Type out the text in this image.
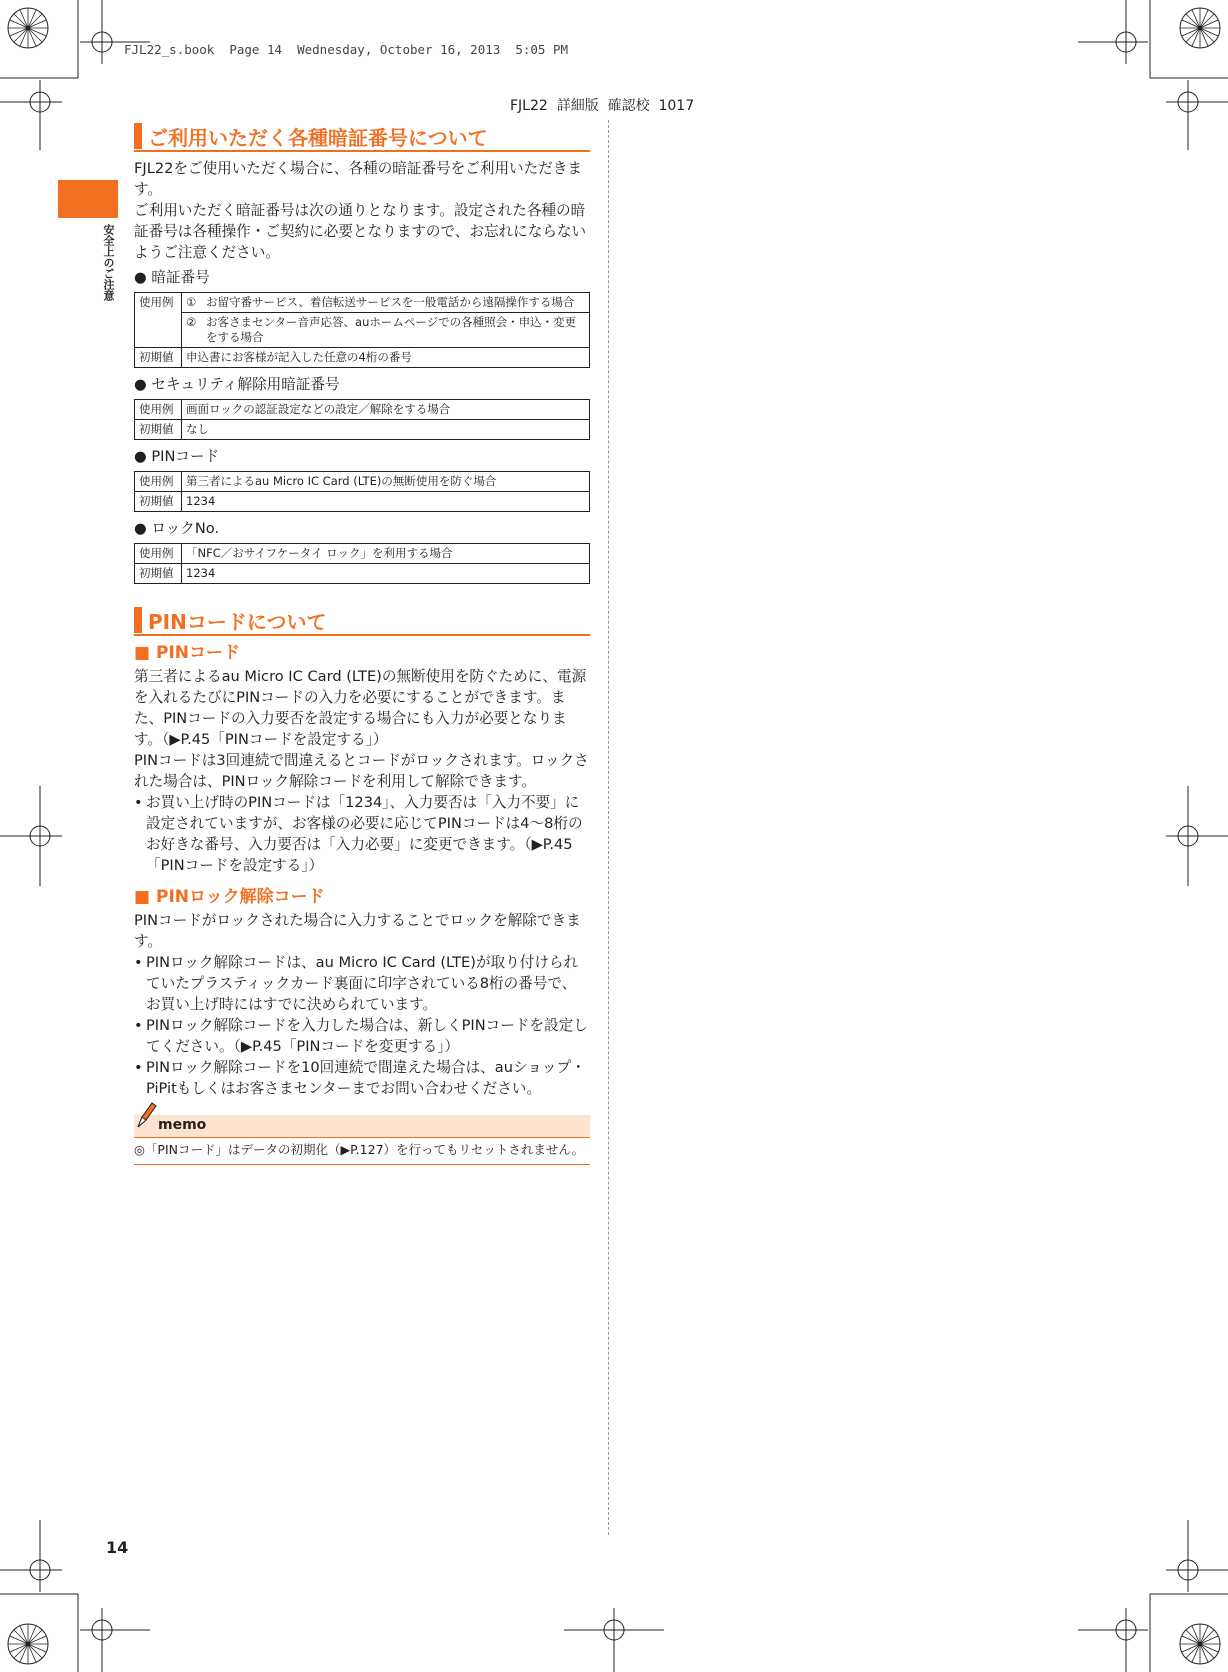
FJL22_s.book  Page 14  Wednesday, October 16, 2013  5:05 PM
FJL22  詳細版  確認校  1017
安全上のご注意
ご利用いただく各種暗証番号について

FJL22をご使用いただく場合に、各種の暗証番号をご利用いただきます。

ご利用いただく暗証番号は次の通りとなります。設定された各種の暗証番号は各種操作・ご契約に必要となりますので、お忘れにならないようご注意ください。

● 暗証番号
使用例	① お留守番サービス、着信転送サービスを一般電話から遠隔操作する場合

	② お客さまセンター音声応答、auホームページでの各種照会・申込・変更をする場合

初期値	申込書にお客様が記入した任意の4桁の番号
● セキュリティ解除用暗証番号
使用例	画面ロックの認証設定などの設定／解除をする場合
初期値	なし
● PINコード
使用例	第三者によるau Micro IC Card (LTE)の無断使用を防ぐ場合
初期値	1234
● ロックNo.
使用例	「NFC／おサイフケータイ ロック」を利用する場合
初期値	1234
PINコードについて
■ PINコード

第三者によるau Micro IC Card (LTE)の無断使用を防ぐために、電源を入れるたびにPINコードの入力を必要にすることができます。また、PINコードの入力要否を設定する場合にも入力が必要となります。（▶P.45「PINコードを設定する」）

PINコードは3回連続で間違えるとコードがロックされます。ロックされた場合は、PINロック解除コードを利用して解除できます。

• お買い上げ時のPINコードは「1234」、入力要否は「入力不要」に設定されていますが、お客様の必要に応じてPINコードは4～8桁のお好きな番号、入力要否は「入力必要」に変更できます。（▶P.45「PINコードを設定する」）
■ PINロック解除コード

PINコードがロックされた場合に入力することでロックを解除できます。

• PINロック解除コードは、au Micro IC Card (LTE)が取り付けられていたプラスティックカード裏面に印字されている8桁の番号で、お買い上げ時にはすでに決められています。
• PINロック解除コードを入力した場合は、新しくPINコードを設定してください。（▶P.45「PINコードを変更する」）
• PINロック解除コードを10回連続で間違えた場合は、auショップ・PiPitもしくはお客さまセンターまでお問い合わせください。
memo
◎「PINコード」はデータの初期化（▶P.127）を行ってもリセットされません。
14
